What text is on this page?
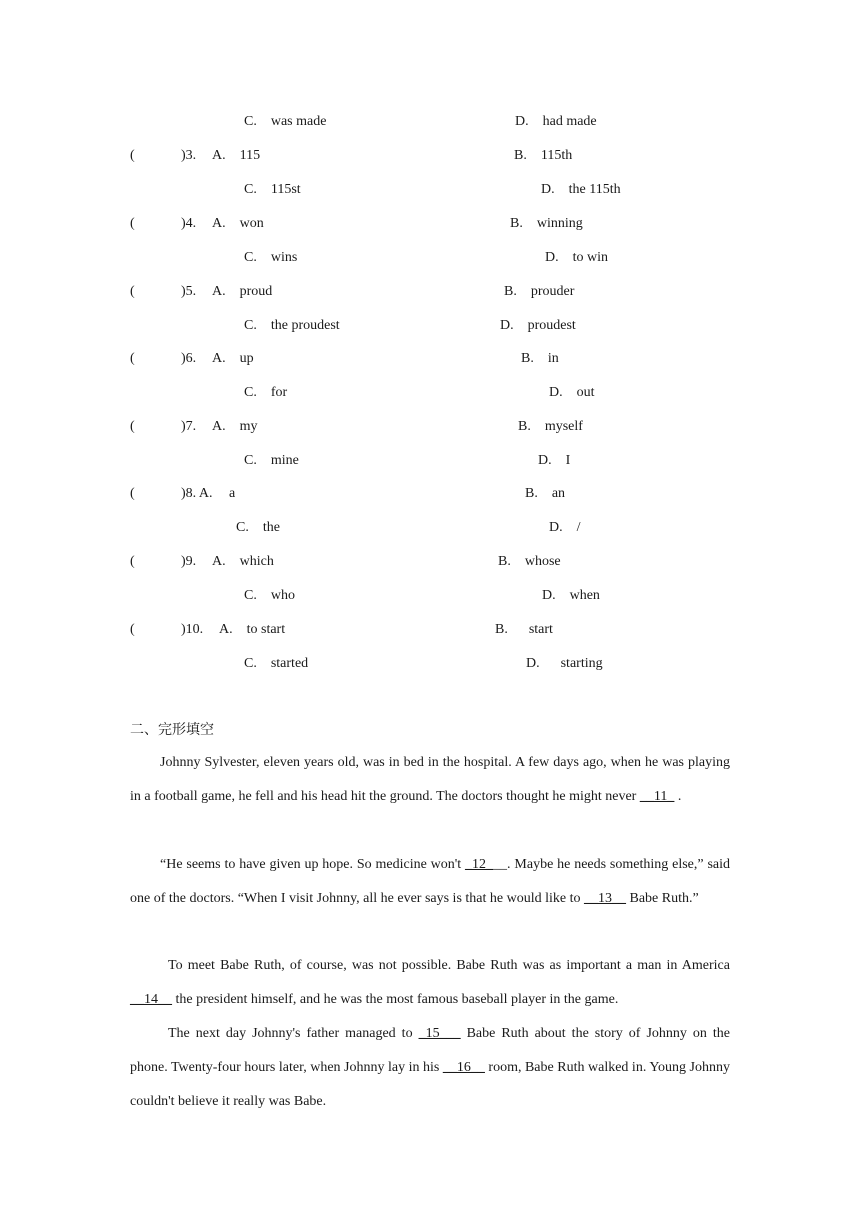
C.    was made	D.    had made
(	)3. A.    115	B.    115th
C.    115st	D.    the 115th
(	)4. A.    won	B.    winning
C.    wins	D.    to win
(	)5. A.    proud	B.    prouder
C.    the proudest	D.    proudest
(	)6. A.    up	B.    in
C.    for	D.    out
(	)7. A.    my	B.    myself
C.    mine	D.    I
(	)8. A. a	B.    an
C.    the	D.    /
(	)9. A.    which	B.    whose
C.    who	D.    when
(	)10. A.    to start	B.      start
C.    started	D.      starting
二、完形填空
Johnny Sylvester, eleven years old, was in bed in the hospital. A few days ago, when he was playing in a football game, he fell and his head hit the ground. The doctors thought he might never __11_ .
“He seems to have given up hope. So medicine won't _12___. Maybe he needs something else,” said one of the doctors. “When I visit Johnny, all he ever says is that he would like to __13__ Babe Ruth.”
To meet Babe Ruth, of course, was not possible. Babe Ruth was as important a man in America __14__ the president himself, and he was the most famous baseball player in the game.
The next day Johnny's father managed to _15___ Babe Ruth about the story of Johnny on the phone. Twenty-four hours later, when Johnny lay in his __16__ room, Babe Ruth walked in. Young Johnny couldn't believe it really was Babe.
